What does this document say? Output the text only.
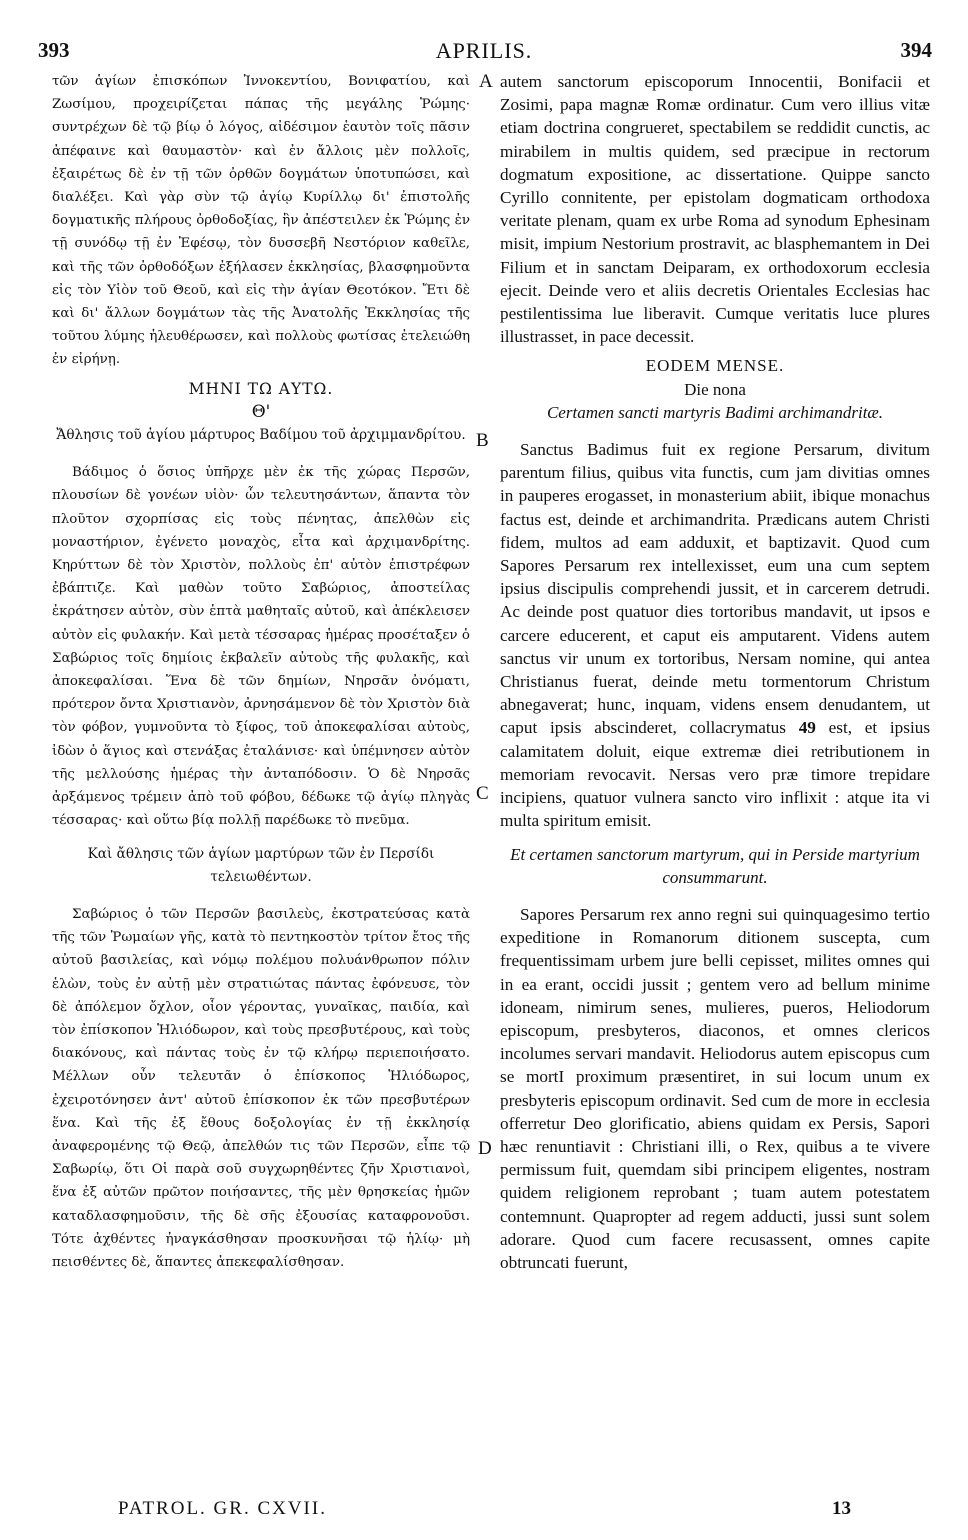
393	APRILIS.	394

τῶν ἁγίων ἐπισκόπων Ἰννοκεντίου, Βονιφατίου, καὶ Ζωσίμου, προχειρίζεται πάπας τῆς μεγάλης Ῥώμης· συντρέχων δὲ τῷ βίῳ ὁ λόγος, αἰδέσιμον ἑαυτὸν τοῖς πᾶσιν ἀπέφαινε καὶ θαυμαστὸν· καὶ ἐν ἄλλοις μὲν πολλοῖς, ἐξαιρέτως δὲ ἐν τῇ τῶν ὀρθῶν δογμάτων ὑποτυπώσει, καὶ διαλέξει. Καὶ γὰρ σὺν τῷ ἁγίῳ Κυρίλλῳ δι' ἐπιστολῆς δογματικῆς πλήρους ὀρθοδοξίας, ἣν ἀπέστειλεν ἐκ Ῥώμης ἐν τῇ συνόδῳ τῇ ἐν Ἐφέσῳ, τὸν δυσσεβῆ Νεστόριον καθεῖλε, καὶ τῆς τῶν ὀρθοδόξων ἐξήλασεν ἐκκλησίας, βλασφημοῦντα εἰς τὸν Υἱὸν τοῦ Θεοῦ, καὶ εἰς τὴν ἁγίαν Θεοτόκον. Ἔτι δὲ καὶ δι' ἄλλων δογμάτων τὰς τῆς Ἀνατολῆς Ἐκκλησίας τῆς τοῦτου λύμης ἠλευθέρωσεν, καὶ πολλοὺς φωτίσας ἐτελειώθη ἐν εἰρήνῃ.

ΜΗΝΙ ΤΩ ΑΥΤΩ.

Θ'

Ἄθλησις τοῦ ἁγίου μάρτυρος Βαδίμου τοῦ ἀρχιμμανδρίτου.

Βάδιμος ὁ ὅσιος ὑπῆρχε μὲν ἐκ τῆς χώρας Περσῶν, πλουσίων δὲ γονέων υἱὸν· ὧν τελευτησάντων, ἅπαντα τὸν πλοῦτον σχορπίσας εἰς τοὺς πένητας, ἀπελθὼν εἰς μοναστήριον, ἐγένετο μοναχὸς, εἶτα καὶ ἀρχιμανδρίτης. Κηρύττων δὲ τὸν Χριστὸν, πολλοὺς ἐπ' αὐτὸν ἐπιστρέφων ἐβάπτιζε. Καὶ μαθὼν τοῦτο Σαβώριος, ἀποστείλας ἐκράτησεν αὐτὸν, σὺν ἑπτὰ μαθηταῖς αὐτοῦ, καὶ ἀπέκλεισεν αὐτὸν εἰς φυλακήν. Καὶ μετὰ τέσσαρας ἡμέρας προσέταξεν ὁ Σαβώριος τοῖς δημίοις ἐκβαλεῖν αὐτοὺς τῆς φυλακῆς, καὶ ἀποκεφαλίσαι. Ἕνα δὲ τῶν δημίων, Νηρσᾶν ὀνόματι, πρότερον ὄντα Χριστιανὸν, ἀρνησάμενον δὲ τὸν Χριστὸν διὰ τὸν φόβον, γυμνοῦντα τὸ ξίφος, τοῦ ἀποκεφαλίσαι αὐτοὺς, ἰδὼν ὁ ἅγιος καὶ στενάξας ἐταλάνισε· καὶ ὑπέμνησεν αὐτὸν τῆς μελλούσης ἡμέρας τὴν ἀνταπόδοσιν. Ὁ δὲ Νηρσᾶς ἀρξάμενος τρέμειν ἀπὸ τοῦ φόβου, δέδωκε τῷ ἁγίῳ πληγὰς τέσσαρας· καὶ οὕτω βίᾳ πολλῇ παρέδωκε τὸ πνεῦμα.

Καὶ ἄθλησις τῶν ἁγίων μαρτύρων τῶν ἐν Περσίδι τελειωθέντων.

Σαβώριος ὁ τῶν Περσῶν βασιλεὺς, ἐκστρατεύσας κατὰ τῆς τῶν Ῥωμαίων γῆς, κατὰ τὸ πεντηκοστὸν τρίτον ἔτος τῆς αὐτοῦ βασιλείας, καὶ νόμῳ πολέμου πολυάνθρωπον πόλιν ἑλὼν, τοὺς ἐν αὐτῇ μὲν στρατιώτας πάντας ἐφόνευσε, τὸν δὲ ἀπόλεμον ὄχλον, οἷον γέροντας, γυναῖκας, παιδία, καὶ τὸν ἐπίσκοπον Ἡλιόδωρον, καὶ τοὺς πρεσβυτέρους, καὶ τοὺς διακόνους, καὶ πάντας τοὺς ἐν τῷ κλήρῳ περιεποιήσατο. Μέλλων οὖν τελευτᾶν ὁ ἐπίσκοπος Ἡλιόδωρος, ἐχειροτόνησεν ἀντ' αὐτοῦ ἐπίσκοπον ἐκ τῶν πρεσβυτέρων ἕνα. Καὶ τῆς ἐξ ἔθους δοξολογίας ἐν τῇ ἐκκλησίᾳ ἀναφερομένης τῷ Θεῷ, ἀπελθών τις τῶν Περσῶν, εἶπε τῷ Σαβωρίῳ, ὅτι Οἱ παρὰ σοῦ συγχωρηθέντες ζῆν Χριστιανοὶ, ἕνα ἐξ αὐτῶν πρῶτον ποιήσαντες, τῆς μὲν θρησκείας ἡμῶν καταδλασφημοῦσιν, τῆς δὲ σῆς ἐξουσίας καταφρονοῦσι. Τότε ἀχθέντες ἠναγκάσθησαν προσκυνῆσαι τῷ ἡλίῳ· μὴ πεισθέντες δὲ, ἅπαντες ἀπεκεφαλίσθησαν.

autem sanctorum episcoporum Innocentii, Bonifacii et Zosimi, papa magnæ Romæ ordinatur. Cum vero illius vitæ etiam doctrina congrueret, spectabilem se reddidit cunctis, ac mirabilem in multis quidem, sed præcipue in rectorum dogmatum expositione, ac dissertatione. Quippe sancto Cyrillo connitente, per epistolam dogmaticam orthodoxa veritate plenam, quam ex urbe Roma ad synodum Ephesinam misit, impium Nestorium prostravit, ac blasphemantem in Dei Filium et in sanctam Deiparam, ex orthodoxorum ecclesia ejecit. Deinde vero et aliis decretis Orientales Ecclesias hac pestilentissima lue liberavit. Cumque veritatis luce plures illustrasset, in pace decessit.

EODEM MENSE.

Die nona

Certamen sancti martyris Badimi archimandritæ.

Sanctus Badimus fuit ex regione Persarum, divitum parentum filius, quibus vita functis, cum jam divitias omnes in pauperes erogasset, in monasterium abiit, ibique monachus factus est, deinde et archimandrita. Prædicans autem Christi fidem, multos ad eam adduxit, et baptizavit. Quod cum Sapores Persarum rex intellexisset, eum una cum septem ipsius discipulis comprehendi jussit, et in carcerem detrudi. Ac deinde post quatuor dies tortoribus mandavit, ut ipsos e carcere educerent, et caput eis amputarent. Videns autem sanctus vir unum ex tortoribus, Nersam nomine, qui antea Christianus fuerat, deinde metu tormentorum Christum abnegaverat; hunc, inquam, videns ensem denudantem, ut caput ipsis abscinderet, collacrymatus 49 est, et ipsius calamitatem doluit, eique extremæ diei retributionem in memoriam revocavit. Nersas vero præ timore trepidare incipiens, quatuor vulnera sancto viro inflixit : atque ita vi multa spiritum emisit.

Et certamen sanctorum martyrum, qui in Perside martyrium consummarunt.

Sapores Persarum rex anno regni sui quinquagesimo tertio expeditione in Romanorum ditionem suscepta, cum frequentissimam urbem jure belli cepisset, milites omnes qui in ea erant, occidi jussit ; gentem vero ad bellum minime idoneam, nimirum senes, mulieres, pueros, Heliodorum episcopum, presbyteros, diaconos, et omnes clericos incolumes servari mandavit. Heliodorus autem episcopus cum se mortI proximum præsentiret, in sui locum unum ex presbyteris episcopum ordinavit. Sed cum de more in ecclesia offerretur Deo glorificatio, abiens quidam ex Persis, Sapori hæc renuntiavit : Christiani illi, o Rex, quibus a te vivere permissum fuit, quemdam sibi principem eligentes, nostram quidem religionem reprobant ; tuam autem potestatem contemnunt. Quapropter ad regem adducti, jussi sunt solem adorare. Quod cum facere recusassent, omnes capite obtruncati fuerunt,

A
B
C
D
PATROL. GR. CXVII.	13
